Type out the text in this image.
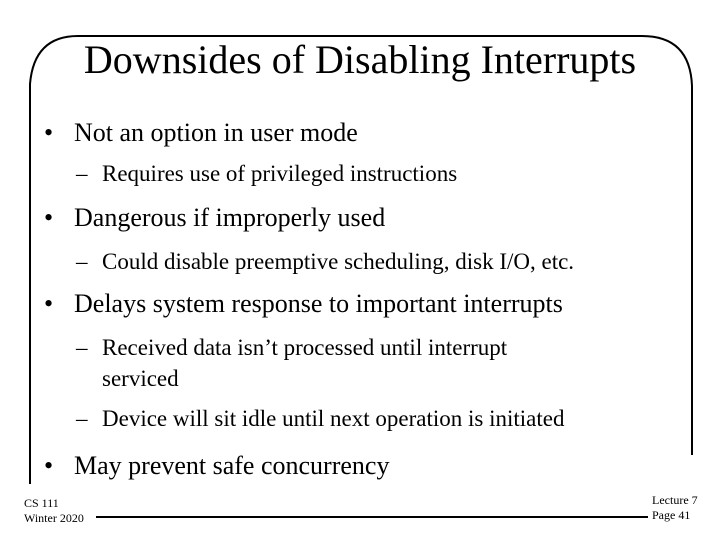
Downsides of Disabling Interrupts
• Not an option in user mode
– Requires use of privileged instructions
• Dangerous if improperly used
– Could disable preemptive scheduling, disk I/O, etc.
• Delays system response to important interrupts
– Received data isn’t processed until interrupt
serviced
– Device will sit idle until next operation is initiated
• May prevent safe concurrency
CS 111
Winter 2020
Lecture 7
Page 41
